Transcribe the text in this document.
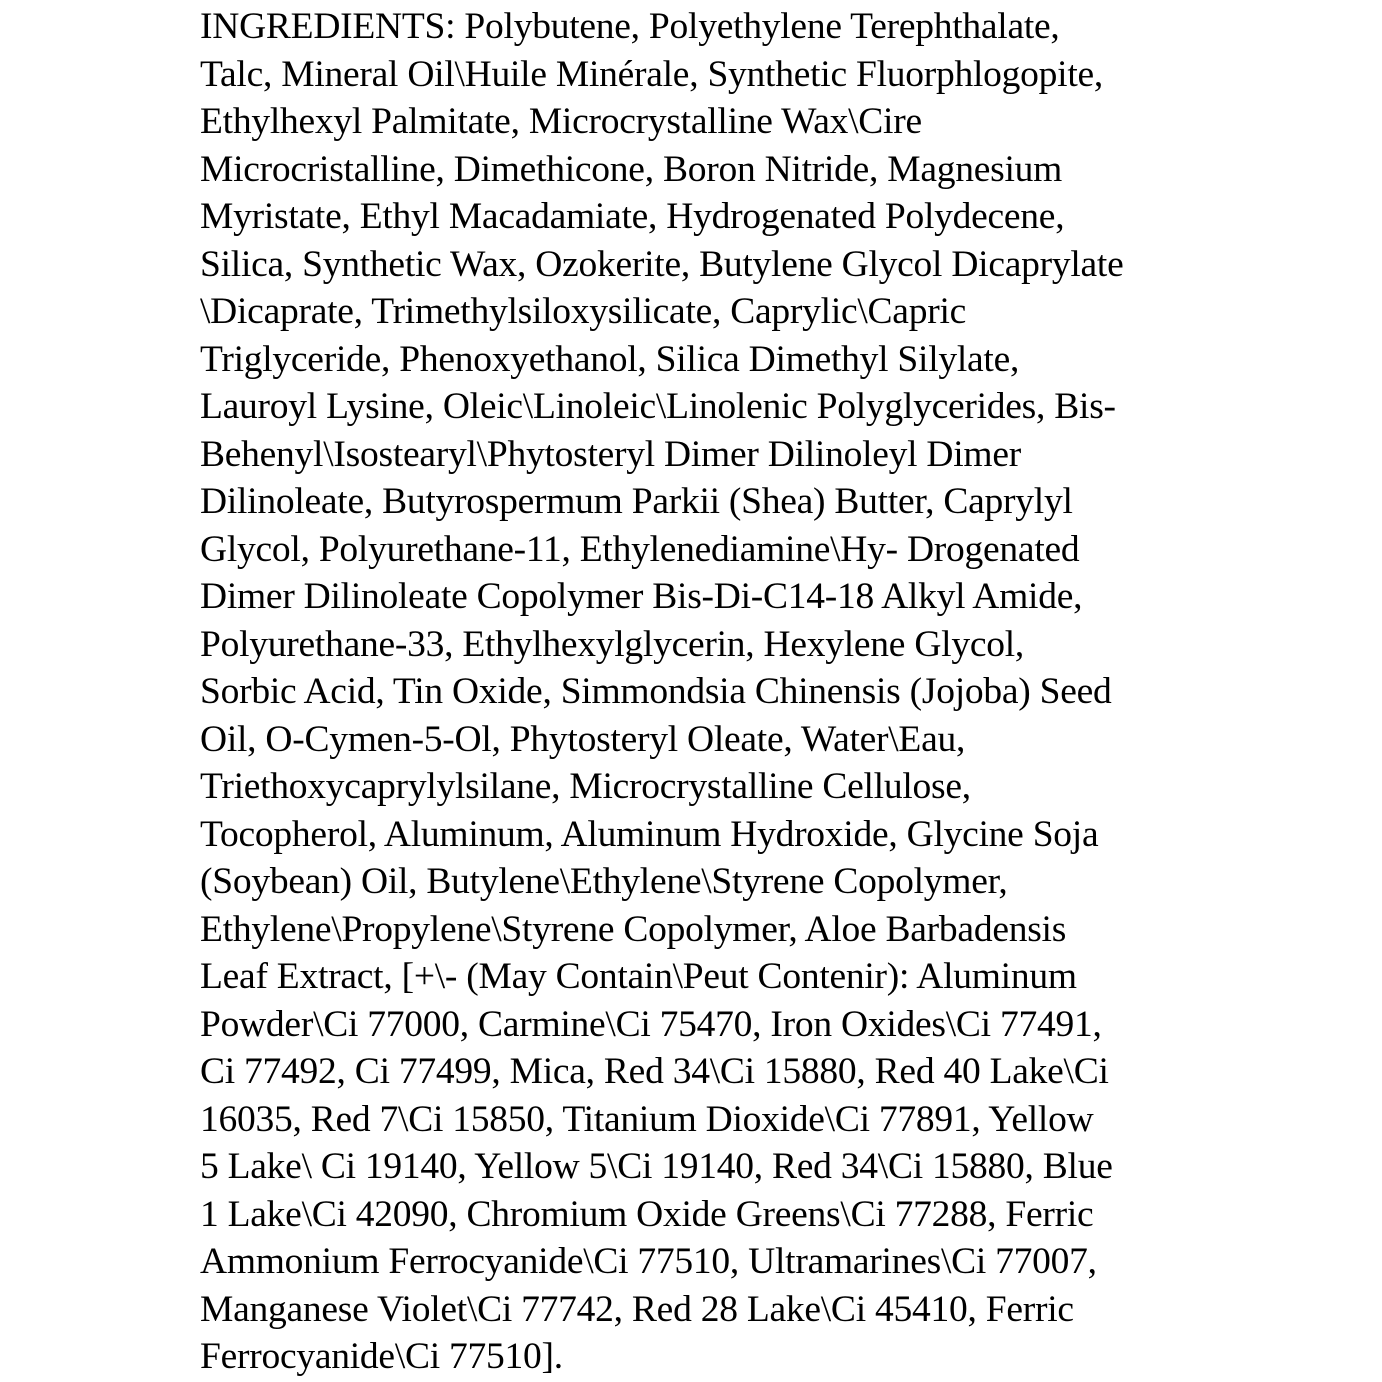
INGREDIENTS: Polybutene, Polyethylene Terephthalate,
Talc, Mineral Oil\Huile Minérale, Synthetic Fluorphlogopite,
Ethylhexyl Palmitate, Microcrystalline Wax\Cire
Microcristalline, Dimethicone, Boron Nitride, Magnesium
Myristate, Ethyl Macadamiate, Hydrogenated Polydecene,
Silica, Synthetic Wax, Ozokerite, Butylene Glycol Dicaprylate
\Dicaprate, Trimethylsiloxysilicate, Caprylic\Capric
Triglyceride, Phenoxyethanol, Silica Dimethyl Silylate,
Lauroyl Lysine, Oleic\Linoleic\Linolenic Polyglycerides, Bis-
Behenyl\Isostearyl\Phytosteryl Dimer Dilinoleyl Dimer
Dilinoleate, Butyrospermum Parkii (Shea) Butter, Caprylyl
Glycol, Polyurethane-11, Ethylenediamine\Hy- Drogenated
Dimer Dilinoleate Copolymer Bis-Di-C14-18 Alkyl Amide,
Polyurethane-33, Ethylhexylglycerin, Hexylene Glycol,
Sorbic Acid, Tin Oxide, Simmondsia Chinensis (Jojoba) Seed
Oil, O-Cymen-5-Ol, Phytosteryl Oleate, Water\Eau,
Triethoxycaprylylsilane, Microcrystalline Cellulose,
Tocopherol, Aluminum, Aluminum Hydroxide, Glycine Soja
(Soybean) Oil, Butylene\Ethylene\Styrene Copolymer,
Ethylene\Propylene\Styrene Copolymer, Aloe Barbadensis
Leaf Extract, [+\- (May Contain\Peut Contenir): Aluminum
Powder\Ci 77000, Carmine\Ci 75470, Iron Oxides\Ci 77491,
Ci 77492, Ci 77499, Mica, Red 34\Ci 15880, Red 40 Lake\Ci
16035, Red 7\Ci 15850, Titanium Dioxide\Ci 77891, Yellow
5 Lake\ Ci 19140, Yellow 5\Ci 19140, Red 34\Ci 15880, Blue
1 Lake\Ci 42090, Chromium Oxide Greens\Ci 77288, Ferric
Ammonium Ferrocyanide\Ci 77510, Ultramarines\Ci 77007,
Manganese Violet\Ci 77742, Red 28 Lake\Ci 45410, Ferric
Ferrocyanide\Ci 77510].
